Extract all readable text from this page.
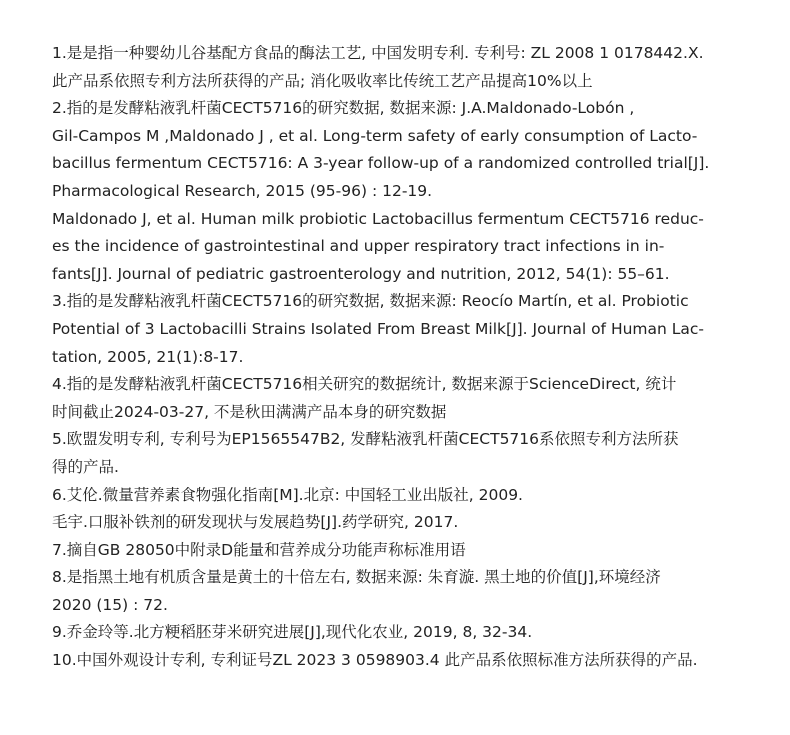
1.是是指一种婴幼儿谷基配方食品的酶法工艺, 中国发明专利. 专利号: ZL 2008 1 0178442.X.
此产品系依照专利方法所获得的产品; 消化吸收率比传统工艺产品提高10%以上
2.指的是发酵粘液乳杆菌CECT5716的研究数据, 数据来源: J.A.Maldonado-Lobón ,
Gil-Campos M ,Maldonado J , et al. Long-term safety of early consumption of Lacto-
bacillus fermentum CECT5716: A 3-year follow-up of a randomized controlled trial[J].
Pharmacological Research, 2015 (95-96) : 12-19.
Maldonado J, et al. Human milk probiotic Lactobacillus fermentum CECT5716 reduc-
es the incidence of gastrointestinal and upper respiratory tract infections in in-
fants[J]. Journal of pediatric gastroenterology and nutrition, 2012, 54(1): 55–61.
3.指的是发酵粘液乳杆菌CECT5716的研究数据, 数据来源: Reocío Martín, et al. Probiotic
Potential of 3 Lactobacilli Strains Isolated From Breast Milk[J]. Journal of Human Lac-
tation, 2005, 21(1):8-17.
4.指的是发酵粘液乳杆菌CECT5716相关研究的数据统计, 数据来源于ScienceDirect, 统计
时间截止2024-03-27, 不是秋田满满产品本身的研究数据
5.欧盟发明专利, 专利号为EP1565547B2, 发酵粘液乳杆菌CECT5716系依照专利方法所获
得的产品.
6.艾伦.微量营养素食物强化指南[M].北京: 中国轻工业出版社, 2009.
毛宇.口服补铁剂的研发现状与发展趋势[J].药学研究, 2017.
7.摘自GB 28050中附录D能量和营养成分功能声称标准用语
8.是指黑土地有机质含量是黄土的十倍左右, 数据来源: 朱育漩. 黑土地的价值[J],环境经济
2020 (15) : 72.
9.乔金玲等.北方粳稻胚芽米研究进展[J],现代化农业, 2019, 8, 32-34.
10.中国外观设计专利, 专利证号ZL 2023 3 0598903.4 此产品系依照标准方法所获得的产品.
